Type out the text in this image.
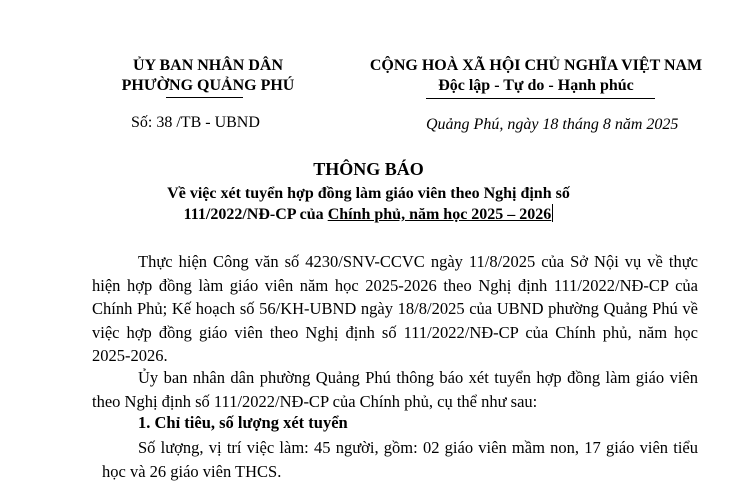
ỦY BAN NHÂN DÂN
PHƯỜNG QUẢNG PHÚ
Số: 38 /TB - UBND
CỘNG HOÀ XÃ HỘI CHỦ NGHĨA VIỆT NAM
Độc lập - Tự do - Hạnh phúc
Quảng Phú, ngày 18 tháng 8 năm 2025
THÔNG BÁO
Về việc xét tuyển hợp đồng làm giáo viên theo Nghị định số
111/2022/NĐ-CP của Chính phủ, năm học 2025 – 2026
Thực hiện Công văn số 4230/SNV-CCVC ngày 11/8/2025 của Sở Nội vụ về thực hiện hợp đồng làm giáo viên năm học 2025-2026 theo Nghị định 111/2022/NĐ-CP của Chính Phủ; Kế hoạch số 56/KH-UBND ngày 18/8/2025 của UBND phường Quảng Phú về việc hợp đồng giáo viên theo Nghị định số 111/2022/NĐ-CP của Chính phủ, năm học 2025-2026.
Ủy ban nhân dân phường Quảng Phú thông báo xét tuyển hợp đồng làm giáo viên theo Nghị định số 111/2022/NĐ-CP của Chính phủ, cụ thể như sau:
1. Chỉ tiêu, số lượng xét tuyển
Số lượng, vị trí việc làm: 45 người, gồm: 02 giáo viên mầm non, 17 giáo viên tiểu học và 26 giáo viên THCS.
